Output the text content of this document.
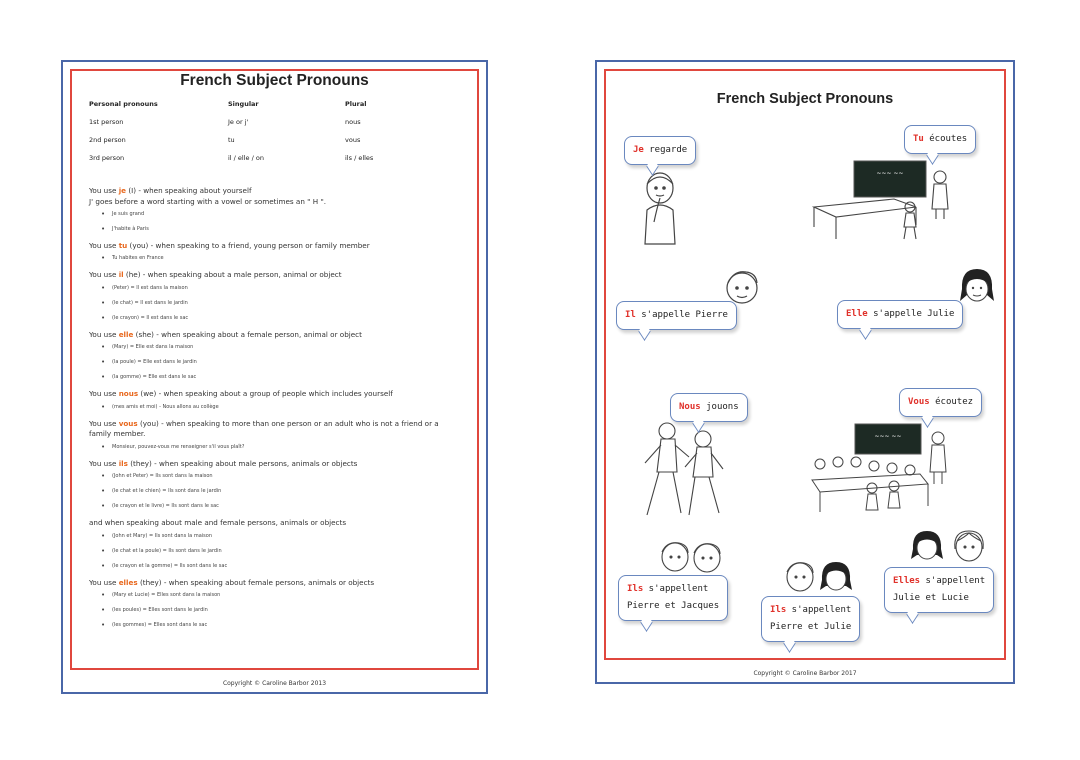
French Subject Pronouns
Personal pronouns	Singular	Plural
1st person	Je or j'	nous
2nd person	tu	vous
3rd person	il / elle / on	ils / elles
You use je (I) - when speaking about yourself
J' goes before a word starting with a vowel or sometimes an " H ".
• Je suis grand
• J'habite à Paris
You use tu (you) - when speaking to a friend, young person or family member
• Tu habites en France
You use il (he) - when speaking about a male person, animal or object
• (Peter) = Il est dans la maison
• (le chat) = Il est dans le jardin
• (le crayon) = Il est dans le sac
You use elle (she) - when speaking about a female person, animal or object
• (Mary) = Elle est dans la maison
• (la poule) = Elle est dans le jardin
• (la gomme) = Elle est dans le sac
You use nous (we) - when speaking about a group of people which includes yourself
• (mes amis et moi) - Nous allons au collège
You use vous (you) - when speaking to more than one person or an adult who is not a friend or a family member.
• Monsieur, pouvez-vous me renseigner s'il vous plaît?
You use ils (they) - when speaking about male persons, animals or objects
• (John et Peter) = Ils sont dans la maison
• (le chat et le chien) = Ils sont dans le jardin
• (le crayon et le livre) = Ils sont dans le sac
and when speaking about male and female persons, animals or objects
• (John et Mary) = Ils sont dans la maison
• (le chat et la poule) = Ils sont dans le jardin
• (le crayon et la gomme) = Ils sont dans le sac
You use elles (they) - when speaking about female persons, animals or objects
• (Mary et Lucie) = Elles sont dans la maison
• (les poules) = Elles sont dans le jardin
• (les gommes) = Elles sont dans le sac
Copyright © Caroline Barbor 2013
French Subject Pronouns
~~~ ~~
~~~ ~~
Je regarde
Tu écoutes
Il s'appelle Pierre	Elle s'appelle Julie
Nous jouons	Vous écoutez
Ils s'appellent
Pierre et Jacques	Ils s'appellent
Pierre et Julie
Elles s'appellent
Julie et Lucie
Copyright © Caroline Barbor 2017
